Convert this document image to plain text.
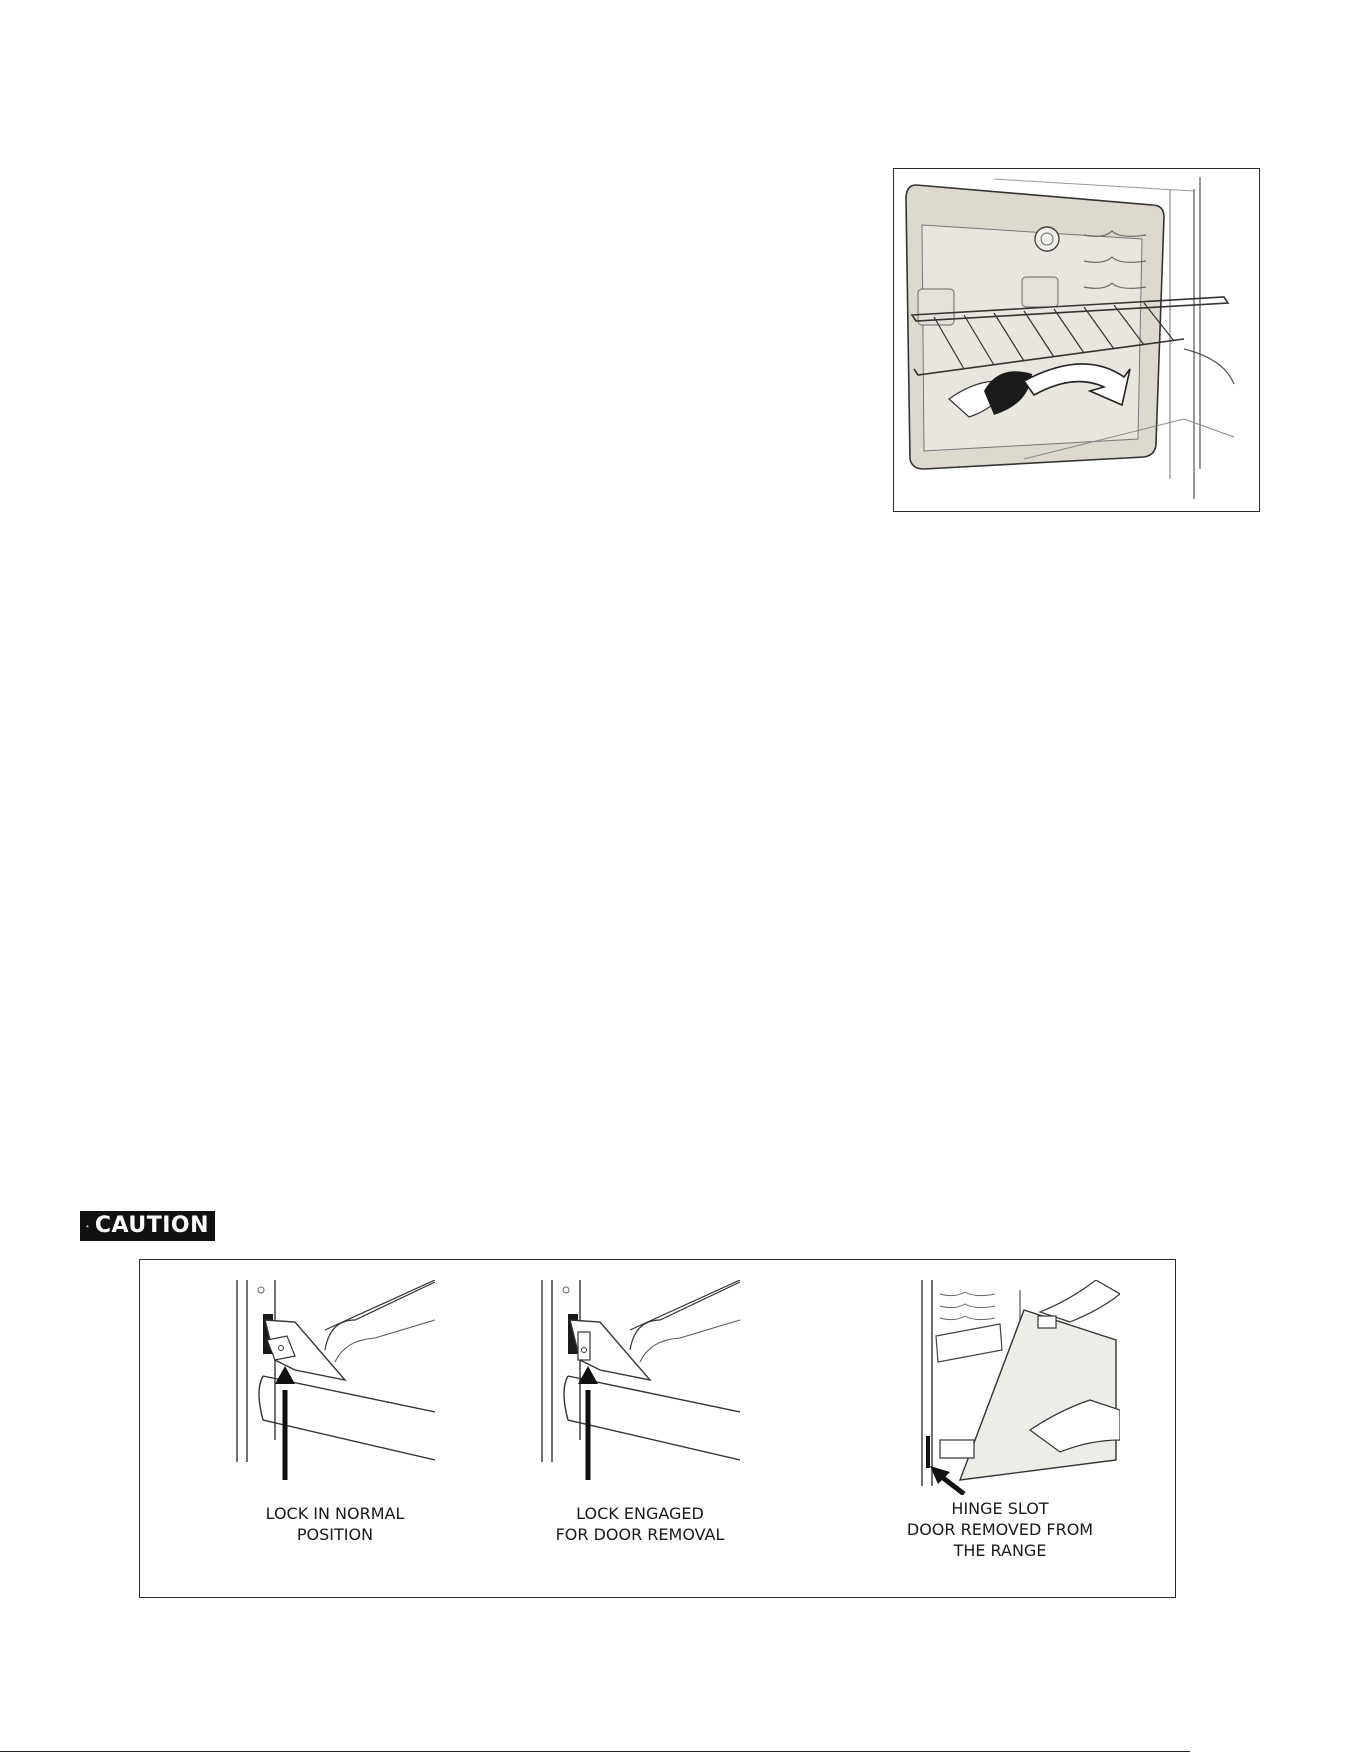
CAUTION
LOCK IN NORMAL
POSITION
LOCK ENGAGED
FOR DOOR REMOVAL
HINGE SLOT
DOOR REMOVED FROM
THE RANGE
